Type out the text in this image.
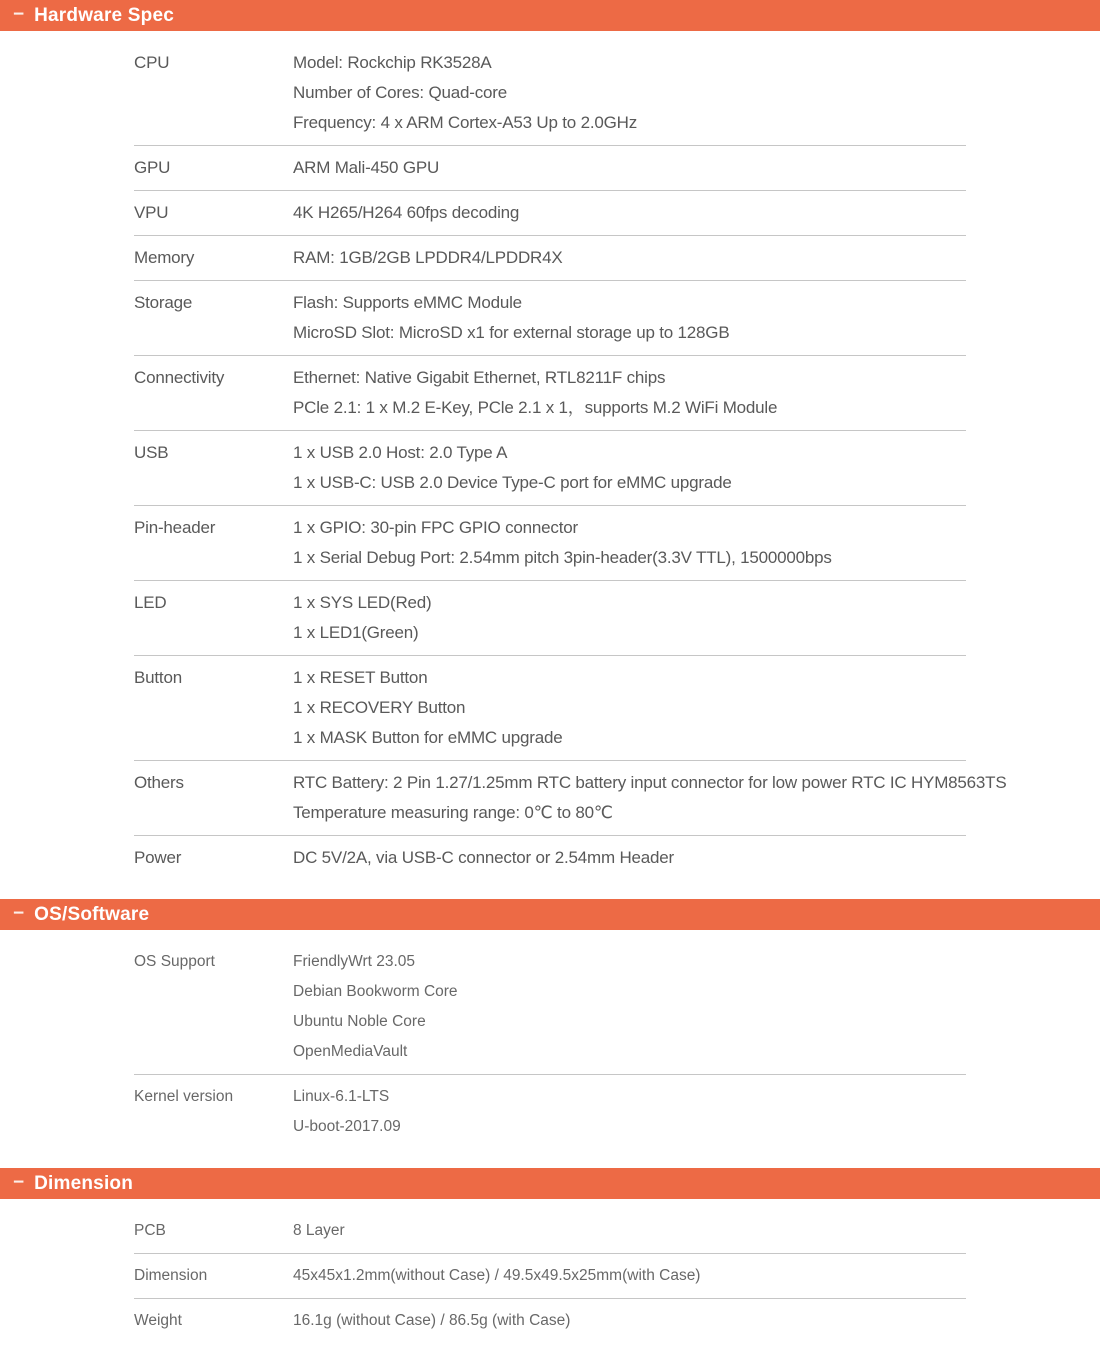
− Hardware Spec
CPU	Model: Rockchip RK3528A
Number of Cores: Quad-core
Frequency: 4 x ARM Cortex-A53 Up to 2.0GHz
GPU	ARM Mali-450 GPU
VPU	4K H265/H264 60fps decoding
Memory	RAM: 1GB/2GB LPDDR4/LPDDR4X
Storage	Flash: Supports eMMC Module
MicroSD Slot: MicroSD x1 for external storage up to 128GB
Connectivity	Ethernet: Native Gigabit Ethernet, RTL8211F chips
PCle 2.1: 1 x M.2 E-Key, PCle 2.1 x 1，supports M.2 WiFi Module
USB	1 x USB 2.0 Host: 2.0 Type A
1 x USB-C: USB 2.0 Device Type-C port for eMMC upgrade
Pin-header	1 x GPIO: 30-pin FPC GPIO connector
1 x Serial Debug Port: 2.54mm pitch 3pin-header(3.3V TTL), 1500000bps
LED	1 x SYS LED(Red)
1 x LED1(Green)
Button	1 x RESET Button
1 x RECOVERY Button
1 x MASK Button for eMMC upgrade
Others	RTC Battery: 2 Pin 1.27/1.25mm RTC battery input connector for low power RTC IC HYM8563TS
Temperature measuring range: 0℃ to 80℃
Power	DC 5V/2A, via USB-C connector or 2.54mm Header
− OS/Software
OS Support	FriendlyWrt 23.05
Debian Bookworm Core
Ubuntu Noble Core
OpenMediaVault
Kernel version	Linux-6.1-LTS
U-boot-2017.09
− Dimension
PCB	8 Layer
Dimension	45x45x1.2mm(without Case) / 49.5x49.5x25mm(with Case)
Weight	16.1g (without Case) / 86.5g (with Case)
